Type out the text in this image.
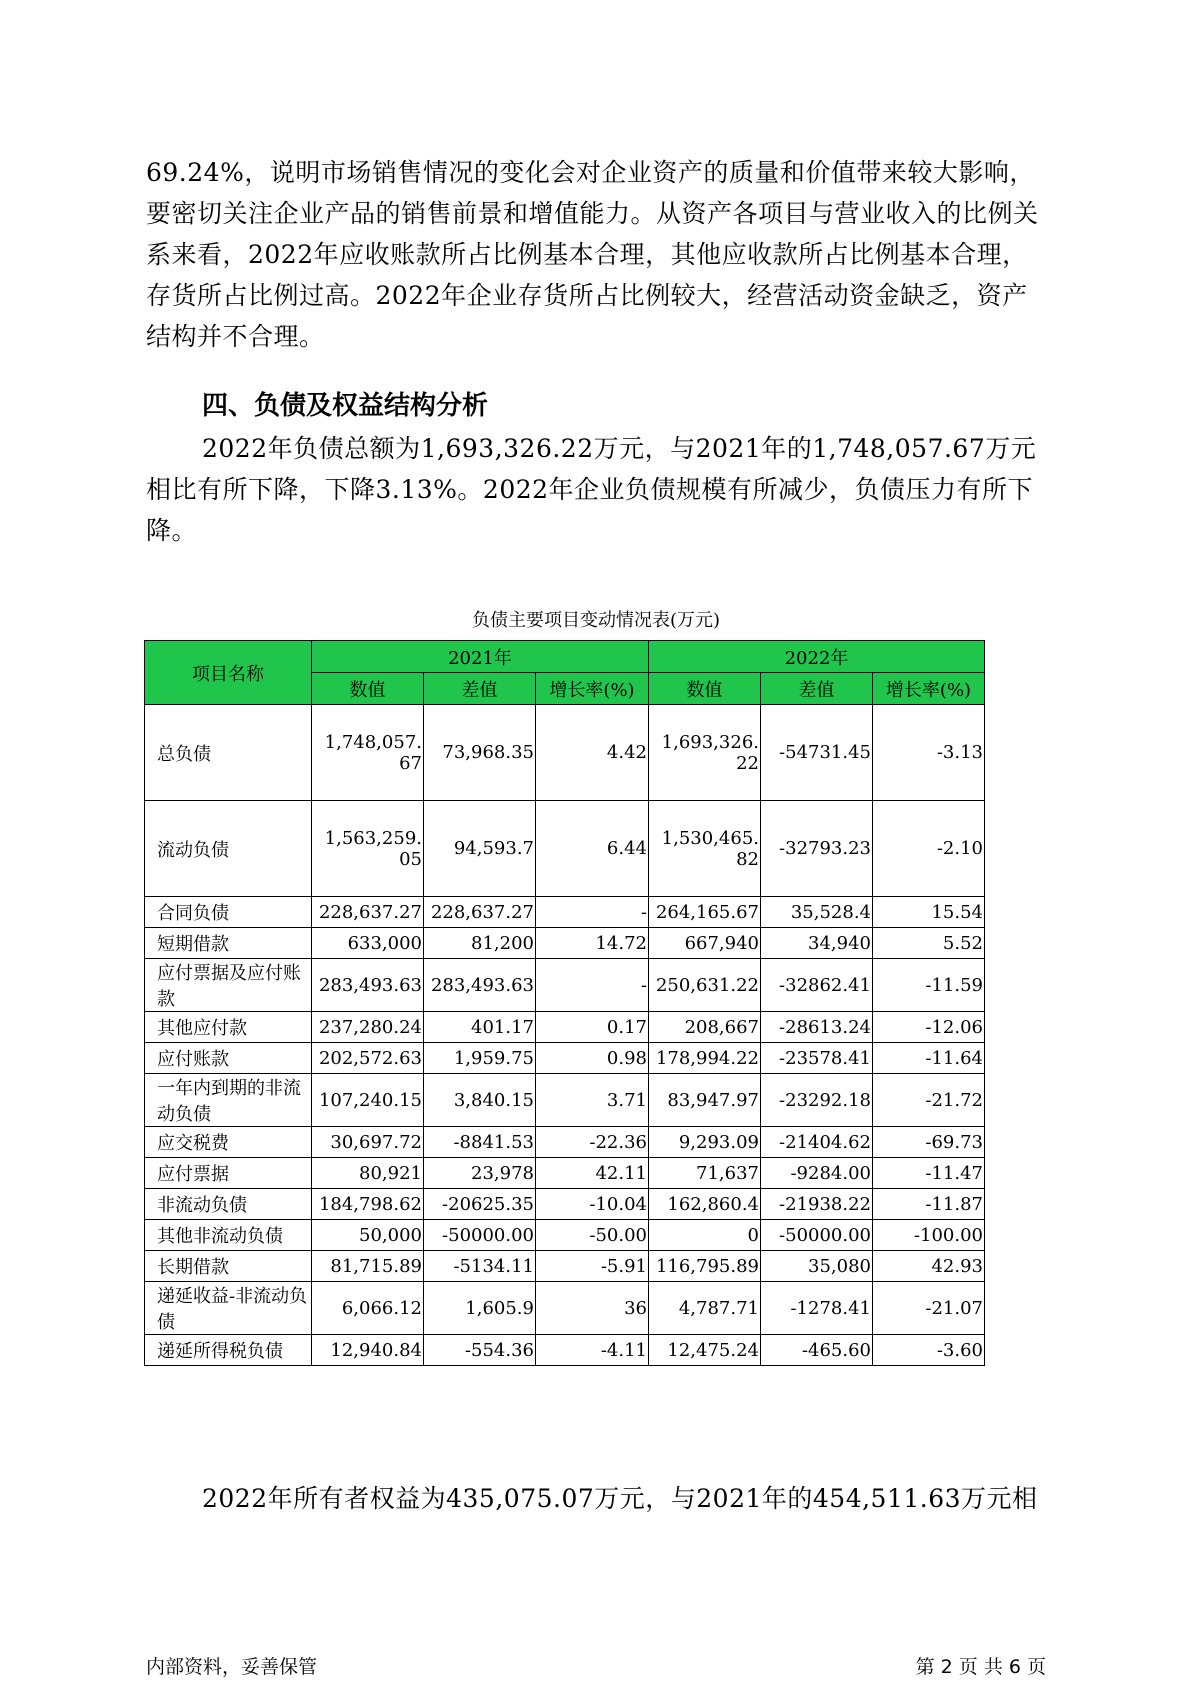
69.24%，说明市场销售情况的变化会对企业资产的质量和价值带来较大影响，要密切关注企业产品的销售前景和增值能力。从资产各项目与营业收入的比例关系来看，2022年应收账款所占比例基本合理，其他应收款所占比例基本合理，存货所占比例过高。2022年企业存货所占比例较大，经营活动资金缺乏，资产结构并不合理。

四、负债及权益结构分析

2022年负债总额为1,693,326.22万元，与2021年的1,748,057.67万元相比有所下降，下降3.13%。2022年企业负债规模有所减少，负债压力有所下降。

负债主要项目变动情况表(万元)

项目名称	2021年			2022年		
	数值	差值	增长率(%)	数值	差值	增长率(%)
总负债	1,748,057.67	73,968.35	4.42	1,693,326.22	-54731.45	-3.13
流动负债	1,563,259.05	94,593.7	6.44	1,530,465.82	-32793.23	-2.10
合同负债	228,637.27	228,637.27	-	264,165.67	35,528.4	15.54
短期借款	633,000	81,200	14.72	667,940	34,940	5.52
应付票据及应付账款	283,493.63	283,493.63	-	250,631.22	-32862.41	-11.59
其他应付款	237,280.24	401.17	0.17	208,667	-28613.24	-12.06
应付账款	202,572.63	1,959.75	0.98	178,994.22	-23578.41	-11.64
一年内到期的非流动负债	107,240.15	3,840.15	3.71	83,947.97	-23292.18	-21.72
应交税费	30,697.72	-8841.53	-22.36	9,293.09	-21404.62	-69.73
应付票据	80,921	23,978	42.11	71,637	-9284.00	-11.47
非流动负债	184,798.62	-20625.35	-10.04	162,860.4	-21938.22	-11.87
其他非流动负债	50,000	-50000.00	-50.00	0	-50000.00	-100.00
长期借款	81,715.89	-5134.11	-5.91	116,795.89	35,080	42.93
递延收益-非流动负债	6,066.12	1,605.9	36	4,787.71	-1278.41	-21.07
递延所得税负债	12,940.84	-554.36	-4.11	12,475.24	-465.60	-3.60

2022年所有者权益为435,075.07万元，与2021年的454,511.63万元相

内部资料，妥善保管	第 2 页 共 6 页
